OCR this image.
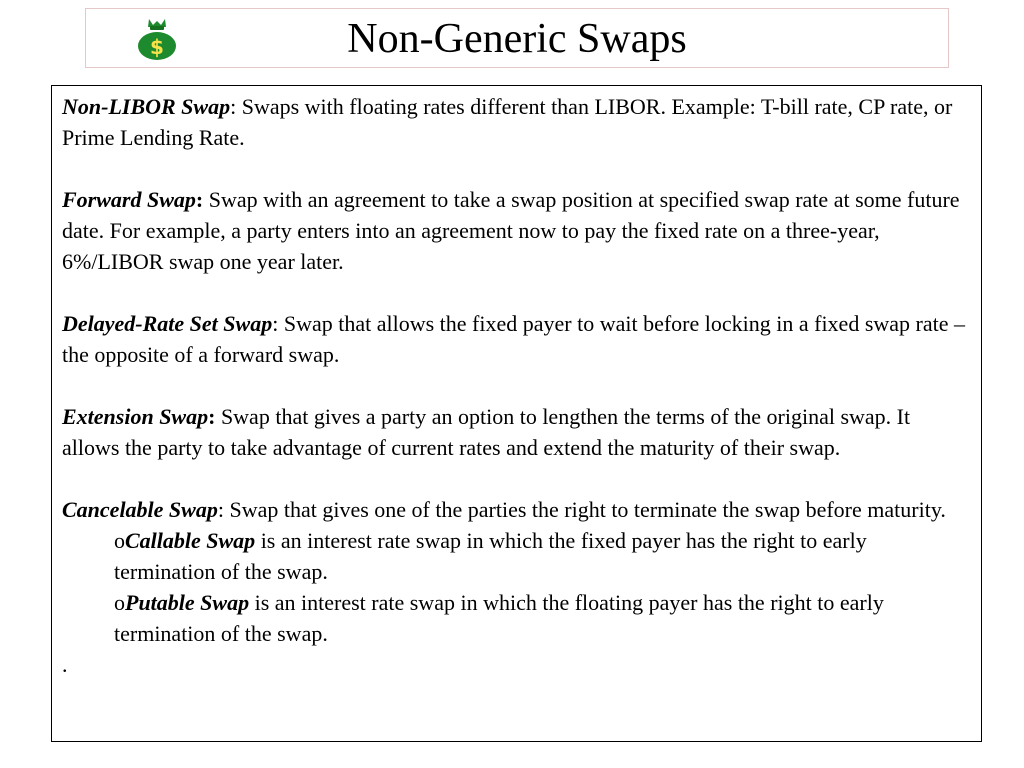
$	Non-Generic Swaps

Non-LIBOR Swap: Swaps with floating rates different than LIBOR. Example: T-bill rate, CP rate, or Prime Lending Rate.

Forward Swap: Swap with an agreement to take a swap position at specified swap rate at some future date. For example, a party enters into an agreement now to pay the fixed rate on a three-year, 6%/LIBOR swap one year later.

Delayed-Rate Set Swap: Swap that allows the fixed payer to wait before locking in a fixed swap rate – the opposite of a forward swap.

Extension Swap: Swap that gives a party an option to lengthen the terms of the original swap. It allows the party to take advantage of current rates and extend the maturity of their swap.

Cancelable Swap: Swap that gives one of the parties the right to terminate the swap before maturity.

oCallable Swap is an interest rate swap in which the fixed payer has the right to early termination of the swap.

oPutable Swap is an interest rate swap in which the floating payer has the right to early termination of the swap.

.
